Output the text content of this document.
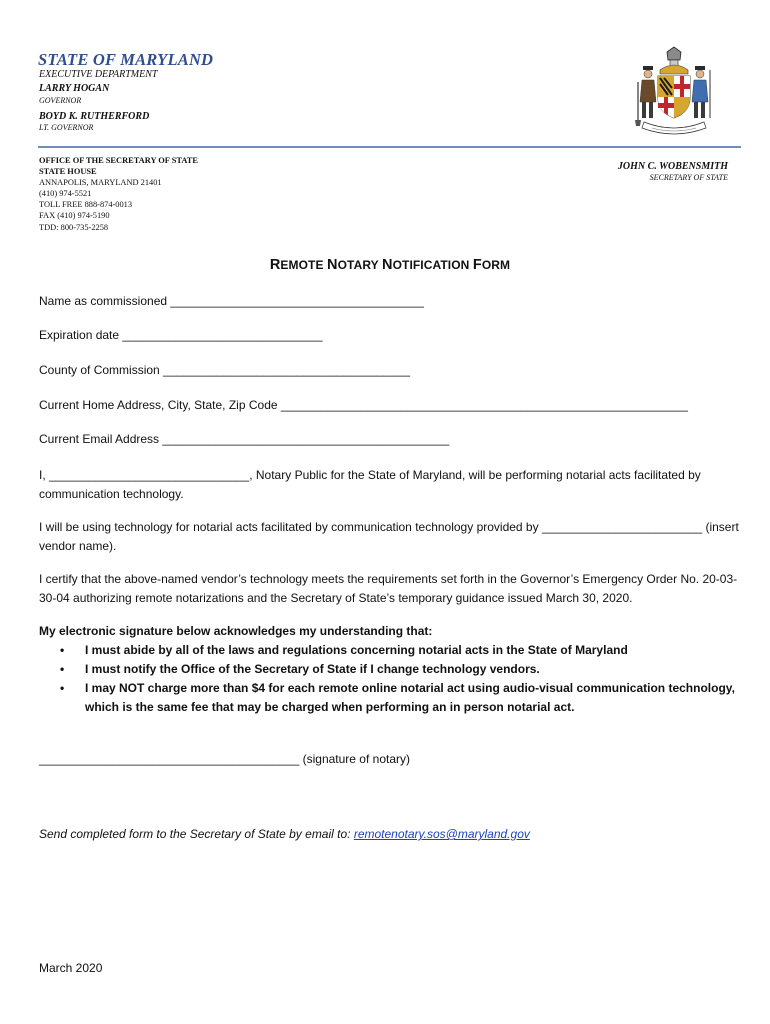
STATE OF MARYLAND
EXECUTIVE DEPARTMENT
LARRY HOGAN
GOVERNOR
BOYD K. RUTHERFORD
LT. GOVERNOR
OFFICE OF THE SECRETARY OF STATE
STATE HOUSE
ANNAPOLIS, MARYLAND 21401
(410) 974-5521
TOLL FREE 888-874-0013
FAX (410) 974-5190
TDD: 800-735-2258
JOHN C. WOBENSMITH
SECRETARY OF STATE
REMOTE NOTARY NOTIFICATION FORM
Name as commissioned ______________________________________
Expiration date ______________________________
County of Commission _____________________________________
Current Home Address, City, State, Zip Code _____________________________________________________________
Current Email Address ___________________________________________
I, ______________________________, Notary Public for the State of Maryland, will be performing notarial acts facilitated by communication technology.
I will be using technology for notarial acts facilitated by communication technology provided by ________________________ (insert vendor name).
I certify that the above-named vendor’s technology meets the requirements set forth in the Governor’s Emergency Order No. 20-03-30-04 authorizing remote notarizations and the Secretary of State’s temporary guidance issued March 30, 2020.
My electronic signature below acknowledges my understanding that:
• I must abide by all of the laws and regulations concerning notarial acts in the State of Maryland
• I must notify the Office of the Secretary of State if I change technology vendors.
• I may NOT charge more than $4 for each remote online notarial act using audio-visual communication technology, which is the same fee that may be charged when performing an in person notarial act.
_______________________________________ (signature of notary)
Send completed form to the Secretary of State by email to: remotenotary.sos@maryland.gov
March 2020
